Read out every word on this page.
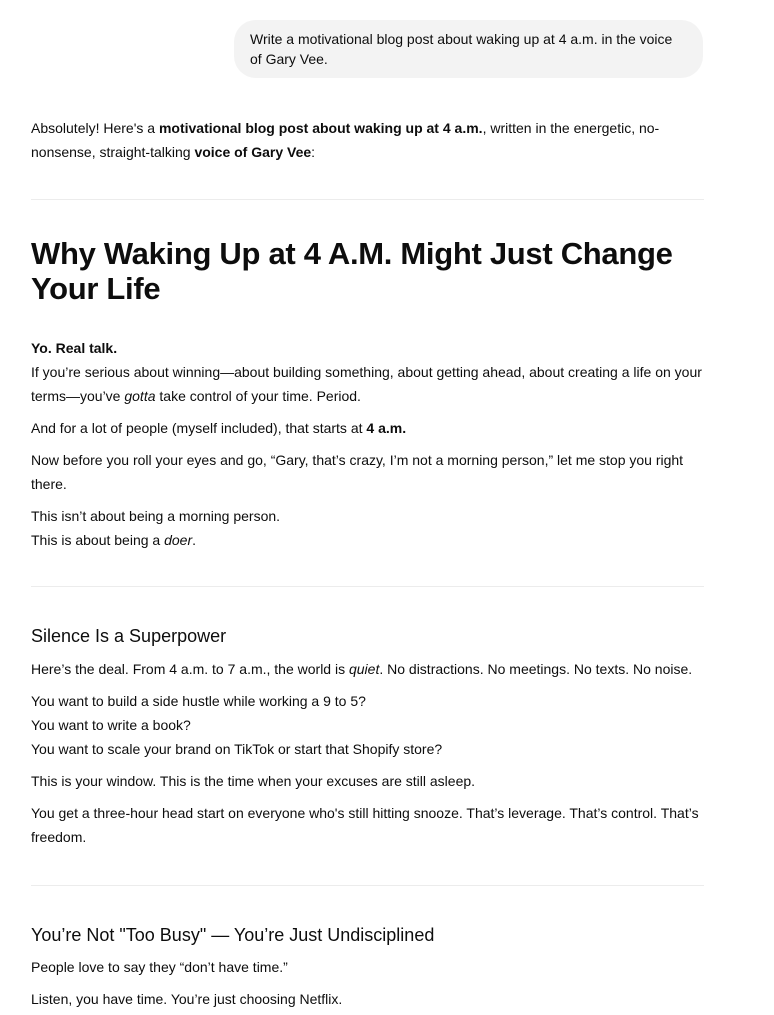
Write a motivational blog post about waking up at 4 a.m. in the voice of Gary Vee.

Absolutely! Here's a motivational blog post about waking up at 4 a.m., written in the energetic, no-nonsense, straight-talking voice of Gary Vee:

Why Waking Up at 4 A.M. Might Just Change Your Life

Yo. Real talk.

If you’re serious about winning—about building something, about getting ahead, about creating a life on your terms—you’ve gotta take control of your time. Period.

And for a lot of people (myself included), that starts at 4 a.m.

Now before you roll your eyes and go, “Gary, that’s crazy, I’m not a morning person,” let me stop you right there.

This isn’t about being a morning person.

This is about being a doer.

Silence Is a Superpower

Here’s the deal. From 4 a.m. to 7 a.m., the world is quiet. No distractions. No meetings. No texts. No noise.

You want to build a side hustle while working a 9 to 5?

You want to write a book?

You want to scale your brand on TikTok or start that Shopify store?

This is your window. This is the time when your excuses are still asleep.

You get a three-hour head start on everyone who's still hitting snooze. That’s leverage. That’s control. That’s freedom.

You’re Not "Too Busy" — You’re Just Undisciplined

People love to say they “don’t have time.”

Listen, you have time. You’re just choosing Netflix.
